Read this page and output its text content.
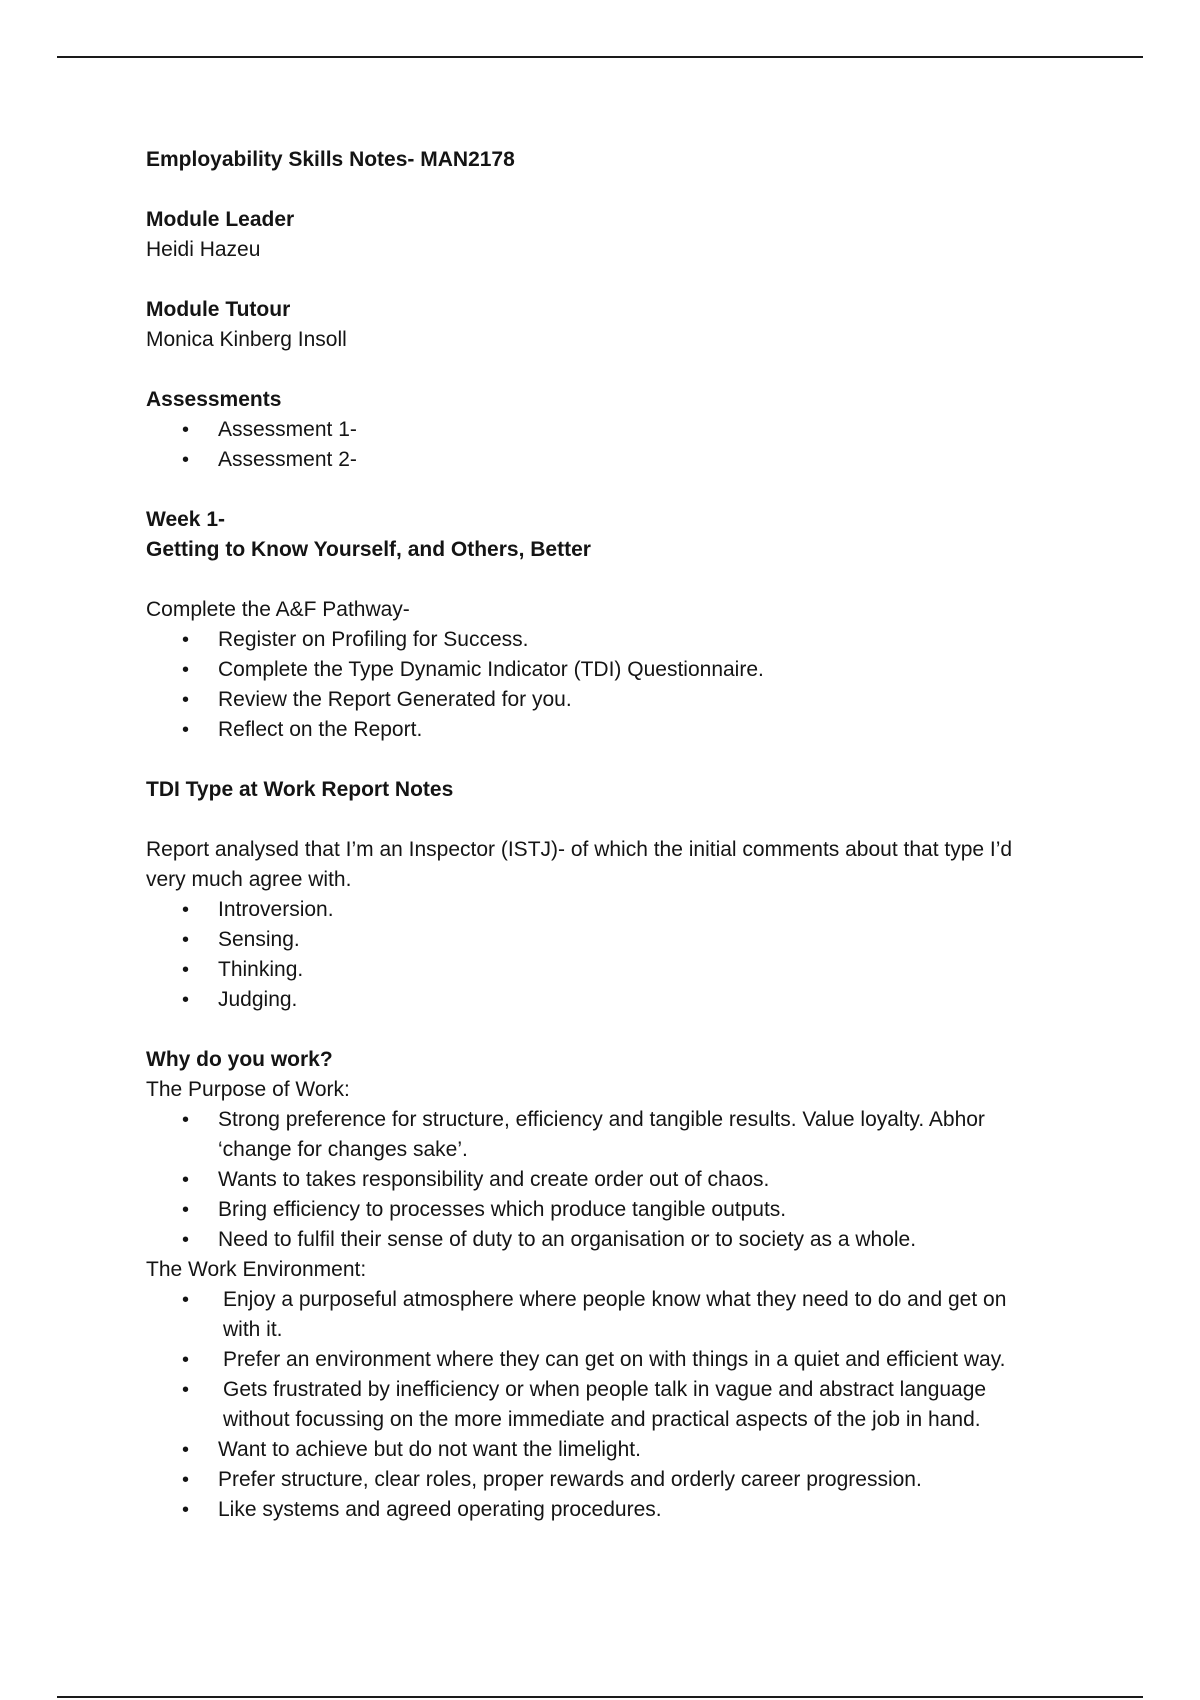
Employability Skills Notes- MAN2178
Module Leader
Heidi Hazeu
Module Tutour
Monica Kinberg Insoll
Assessments
• Assessment 1-
• Assessment 2-
Week 1-
Getting to Know Yourself, and Others, Better
Complete the A&F Pathway-
• Register on Profiling for Success.
• Complete the Type Dynamic Indicator (TDI) Questionnaire.
• Review the Report Generated for you.
• Reflect on the Report.
TDI Type at Work Report Notes
Report analysed that I’m an Inspector (ISTJ)- of which the initial comments about that type I’d very much agree with.
• Introversion.
• Sensing.
• Thinking.
• Judging.
Why do you work?
The Purpose of Work:
• Strong preference for structure, efficiency and tangible results. Value loyalty. Abhor ‘change for changes sake’.
• Wants to takes responsibility and create order out of chaos.
• Bring efficiency to processes which produce tangible outputs.
• Need to fulfil their sense of duty to an organisation or to society as a whole.
The Work Environment:
• Enjoy a purposeful atmosphere where people know what they need to do and get on with it.
• Prefer an environment where they can get on with things in a quiet and efficient way.
• Gets frustrated by inefficiency or when people talk in vague and abstract language without focussing on the more immediate and practical aspects of the job in hand.
• Want to achieve but do not want the limelight.
• Prefer structure, clear roles, proper rewards and orderly career progression.
• Like systems and agreed operating procedures.
